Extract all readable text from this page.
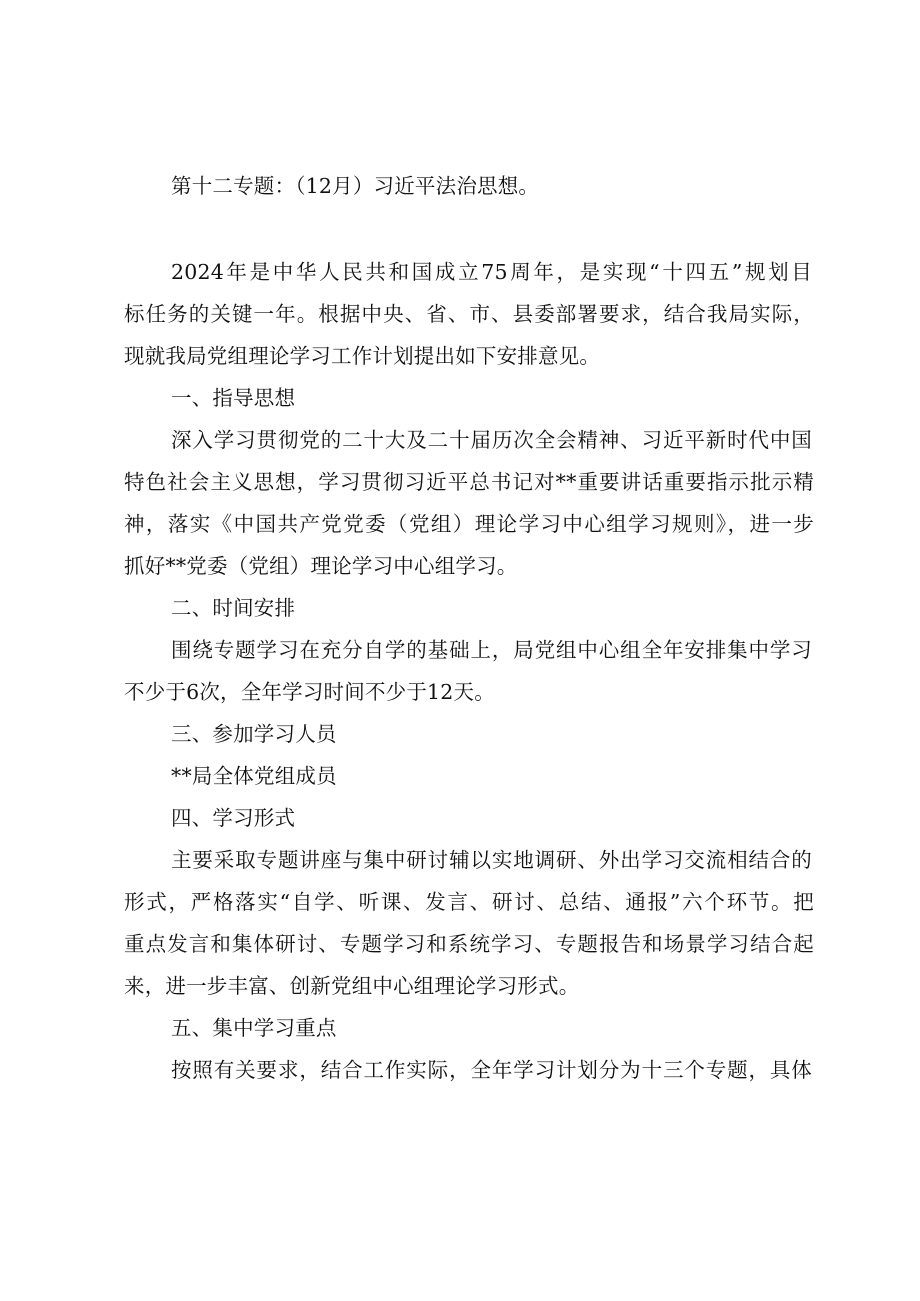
第十二专题：（12月）习近平法治思想。
2024年是中华人民共和国成立75周年，是实现“十四五”规划目
标任务的关键一年。根据中央、省、市、县委部署要求，结合我局实际，
现就我局党组理论学习工作计划提出如下安排意见。
一、指导思想
深入学习贯彻党的二十大及二十届历次全会精神、习近平新时代中国
特色社会主义思想，学习贯彻习近平总书记对**重要讲话重要指示批示精
神，落实《中国共产党党委（党组）理论学习中心组学习规则》，进一步
抓好**党委（党组）理论学习中心组学习。
二、时间安排
围绕专题学习在充分自学的基础上，局党组中心组全年安排集中学习
不少于6次，全年学习时间不少于12天。
三、参加学习人员
**局全体党组成员
四、学习形式
主要采取专题讲座与集中研讨辅以实地调研、外出学习交流相结合的
形式，严格落实“自学、听课、发言、研讨、总结、通报”六个环节。把
重点发言和集体研讨、专题学习和系统学习、专题报告和场景学习结合起
来，进一步丰富、创新党组中心组理论学习形式。
五、集中学习重点
按照有关要求，结合工作实际，全年学习计划分为十三个专题，具体
